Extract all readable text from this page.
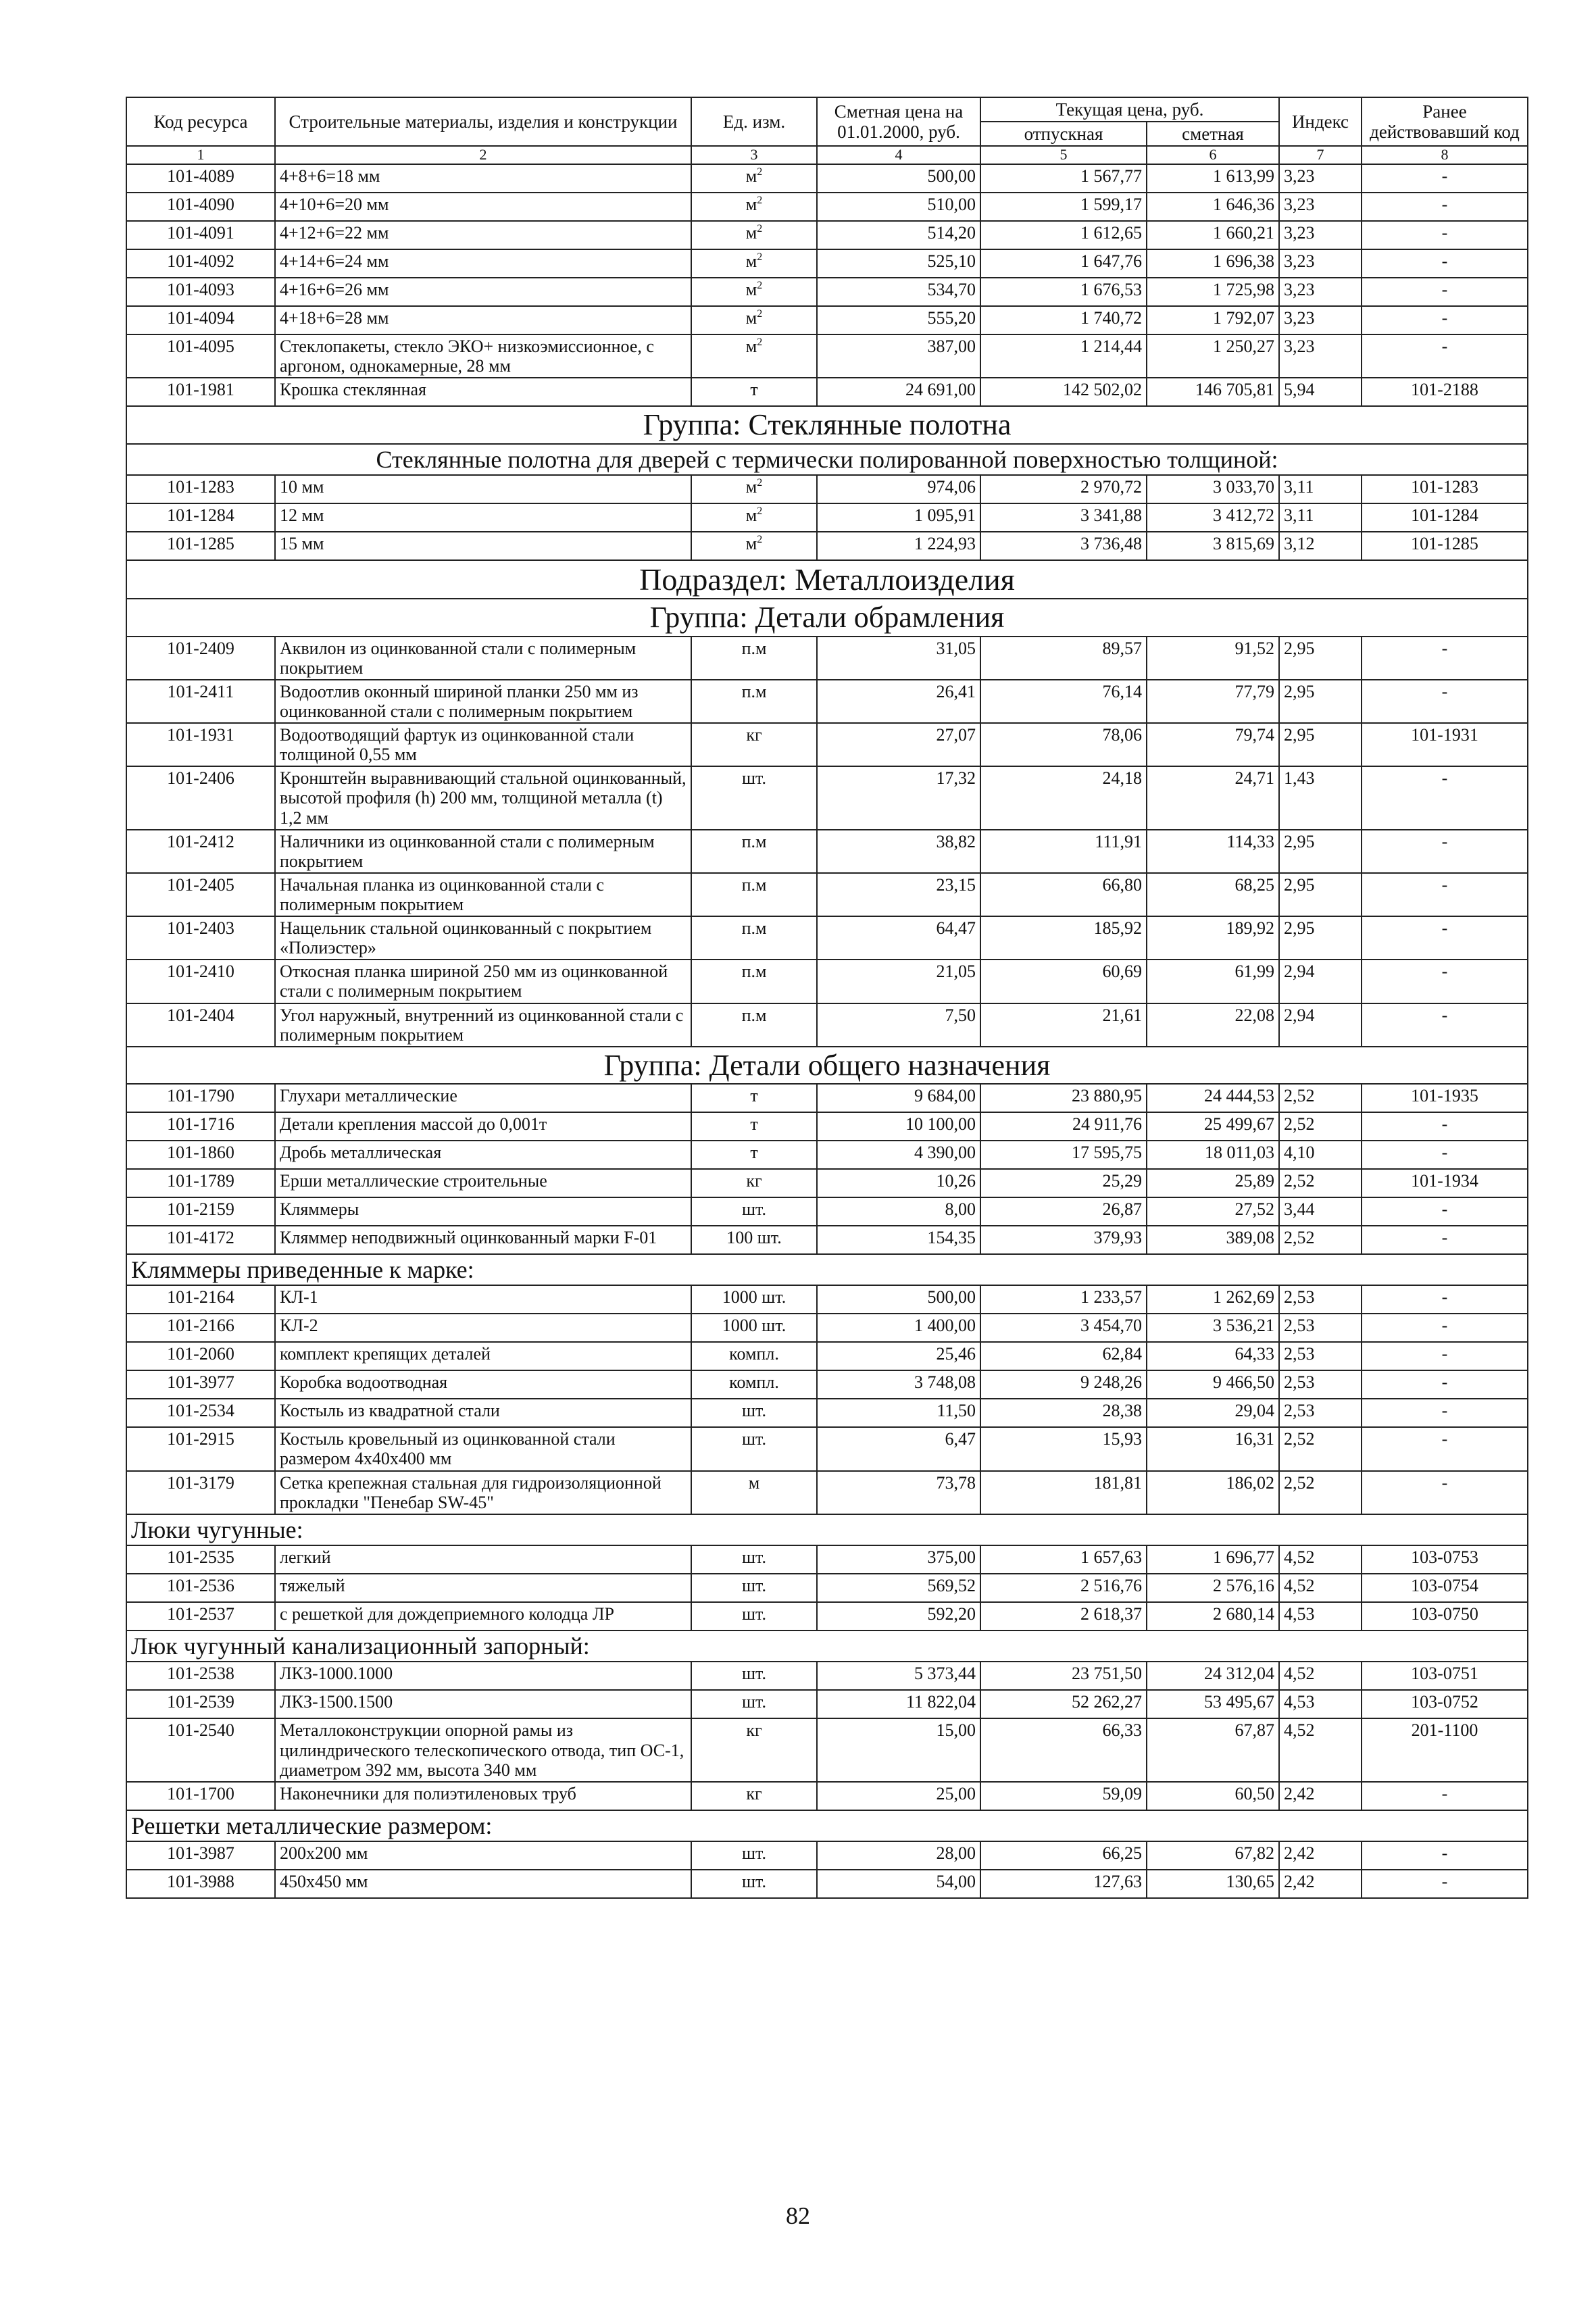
Код ресурса	Строительные материалы, изделия и конструкции	Ед. изм.	Сметная цена на 01.01.2000, руб.	Текущая цена, руб.		Индекс	Ранее действовавший код
				отпускная	сметная		
1	2	3	4	5	6	7	8
101-4089	4+8+6=18 мм	$м^2$	500,00	1 567,77	1 613,99	3,23	-
101-4090	4+10+6=20 мм	$м^2$	510,00	1 599,17	1 646,36	3,23	-
101-4091	4+12+6=22 мм	$м^2$	514,20	1 612,65	1 660,21	3,23	-
101-4092	4+14+6=24 мм	$м^2$	525,10	1 647,76	1 696,38	3,23	-
101-4093	4+16+6=26 мм	$м^2$	534,70	1 676,53	1 725,98	3,23	-
101-4094	4+18+6=28 мм	$м^2$	555,20	1 740,72	1 792,07	3,23	-
101-4095	Стеклопакеты, стекло ЭКО+ низкоэмиссионное, с аргоном, однокамерные, 28 мм	$м^2$	387,00	1 214,44	1 250,27	3,23	-
101-1981	Крошка стеклянная	т	24 691,00	142 502,02	146 705,81	5,94	101-2188
Группа: Стеклянные полотна							
Стеклянные полотна для дверей с термически полированной поверхностью толщиной:							
101-1283	10 мм	$м^2$	974,06	2 970,72	3 033,70	3,11	101-1283
101-1284	12 мм	$м^2$	1 095,91	3 341,88	3 412,72	3,11	101-1284
101-1285	15 мм	$м^2$	1 224,93	3 736,48	3 815,69	3,12	101-1285
Подраздел: Металлоизделия							
Группа: Детали обрамления							
101-2409	Аквилон из оцинкованной стали с полимерным покрытием	п.м	31,05	89,57	91,52	2,95	-
101-2411	Водоотлив оконный шириной планки 250 мм из оцинкованной стали с полимерным покрытием	п.м	26,41	76,14	77,79	2,95	-
101-1931	Водоотводящий фартук из оцинкованной стали толщиной 0,55 мм	кг	27,07	78,06	79,74	2,95	101-1931
101-2406	Кронштейн выравнивающий стальной оцинкованный, высотой профиля (h) 200 мм, толщиной металла (t) 1,2 мм	шт.	17,32	24,18	24,71	1,43	-
101-2412	Наличники из оцинкованной стали с полимерным покрытием	п.м	38,82	111,91	114,33	2,95	-
101-2405	Начальная планка из оцинкованной стали с полимерным покрытием	п.м	23,15	66,80	68,25	2,95	-
101-2403	Нащельник стальной оцинкованный с покрытием «Полиэстер»	п.м	64,47	185,92	189,92	2,95	-
101-2410	Откосная планка шириной 250 мм из оцинкованной стали с полимерным покрытием	п.м	21,05	60,69	61,99	2,94	-
101-2404	Угол наружный, внутренний из оцинкованной стали с полимерным покрытием	п.м	7,50	21,61	22,08	2,94	-
Группа: Детали общего назначения							
101-1790	Глухари металлические	т	9 684,00	23 880,95	24 444,53	2,52	101-1935
101-1716	Детали крепления массой до 0,001т	т	10 100,00	24 911,76	25 499,67	2,52	-
101-1860	Дробь металлическая	т	4 390,00	17 595,75	18 011,03	4,10	-
101-1789	Ерши металлические строительные	кг	10,26	25,29	25,89	2,52	101-1934
101-2159	Кляммеры	шт.	8,00	26,87	27,52	3,44	-
101-4172	Кляммер неподвижный оцинкованный марки F-01	100 шт.	154,35	379,93	389,08	2,52	-
Кляммеры приведенные к марке:							
101-2164	КЛ-1	1000 шт.	500,00	1 233,57	1 262,69	2,53	-
101-2166	КЛ-2	1000 шт.	1 400,00	3 454,70	3 536,21	2,53	-
101-2060	комплект крепящих деталей	компл.	25,46	62,84	64,33	2,53	-
101-3977	Коробка водоотводная	компл.	3 748,08	9 248,26	9 466,50	2,53	-
101-2534	Костыль из квадратной стали	шт.	11,50	28,38	29,04	2,53	-
101-2915	Костыль кровельный из оцинкованной стали размером 4х40х400 мм	шт.	6,47	15,93	16,31	2,52	-
101-3179	Сетка крепежная стальная для гидроизоляционной прокладки "Пенебар SW-45"	м	73,78	181,81	186,02	2,52	-
Люки чугунные:							
101-2535	легкий	шт.	375,00	1 657,63	1 696,77	4,52	103-0753
101-2536	тяжелый	шт.	569,52	2 516,76	2 576,16	4,52	103-0754
101-2537	с решеткой для дождеприемного колодца ЛР	шт.	592,20	2 618,37	2 680,14	4,53	103-0750
Люк чугунный канализационный запорный:							
101-2538	ЛКЗ-1000.1000	шт.	5 373,44	23 751,50	24 312,04	4,52	103-0751
101-2539	ЛКЗ-1500.1500	шт.	11 822,04	52 262,27	53 495,67	4,53	103-0752
101-2540	Металлоконструкции опорной рамы из цилиндрического телескопического отвода, тип ОС-1, диаметром 392 мм, высота 340 мм	кг	15,00	66,33	67,87	4,52	201-1100
101-1700	Наконечники для полиэтиленовых труб	кг	25,00	59,09	60,50	2,42	-
Решетки металлические размером:							
101-3987	200х200 мм	шт.	28,00	66,25	67,82	2,42	-
101-3988	450х450 мм	шт.	54,00	127,63	130,65	2,42	-
82
